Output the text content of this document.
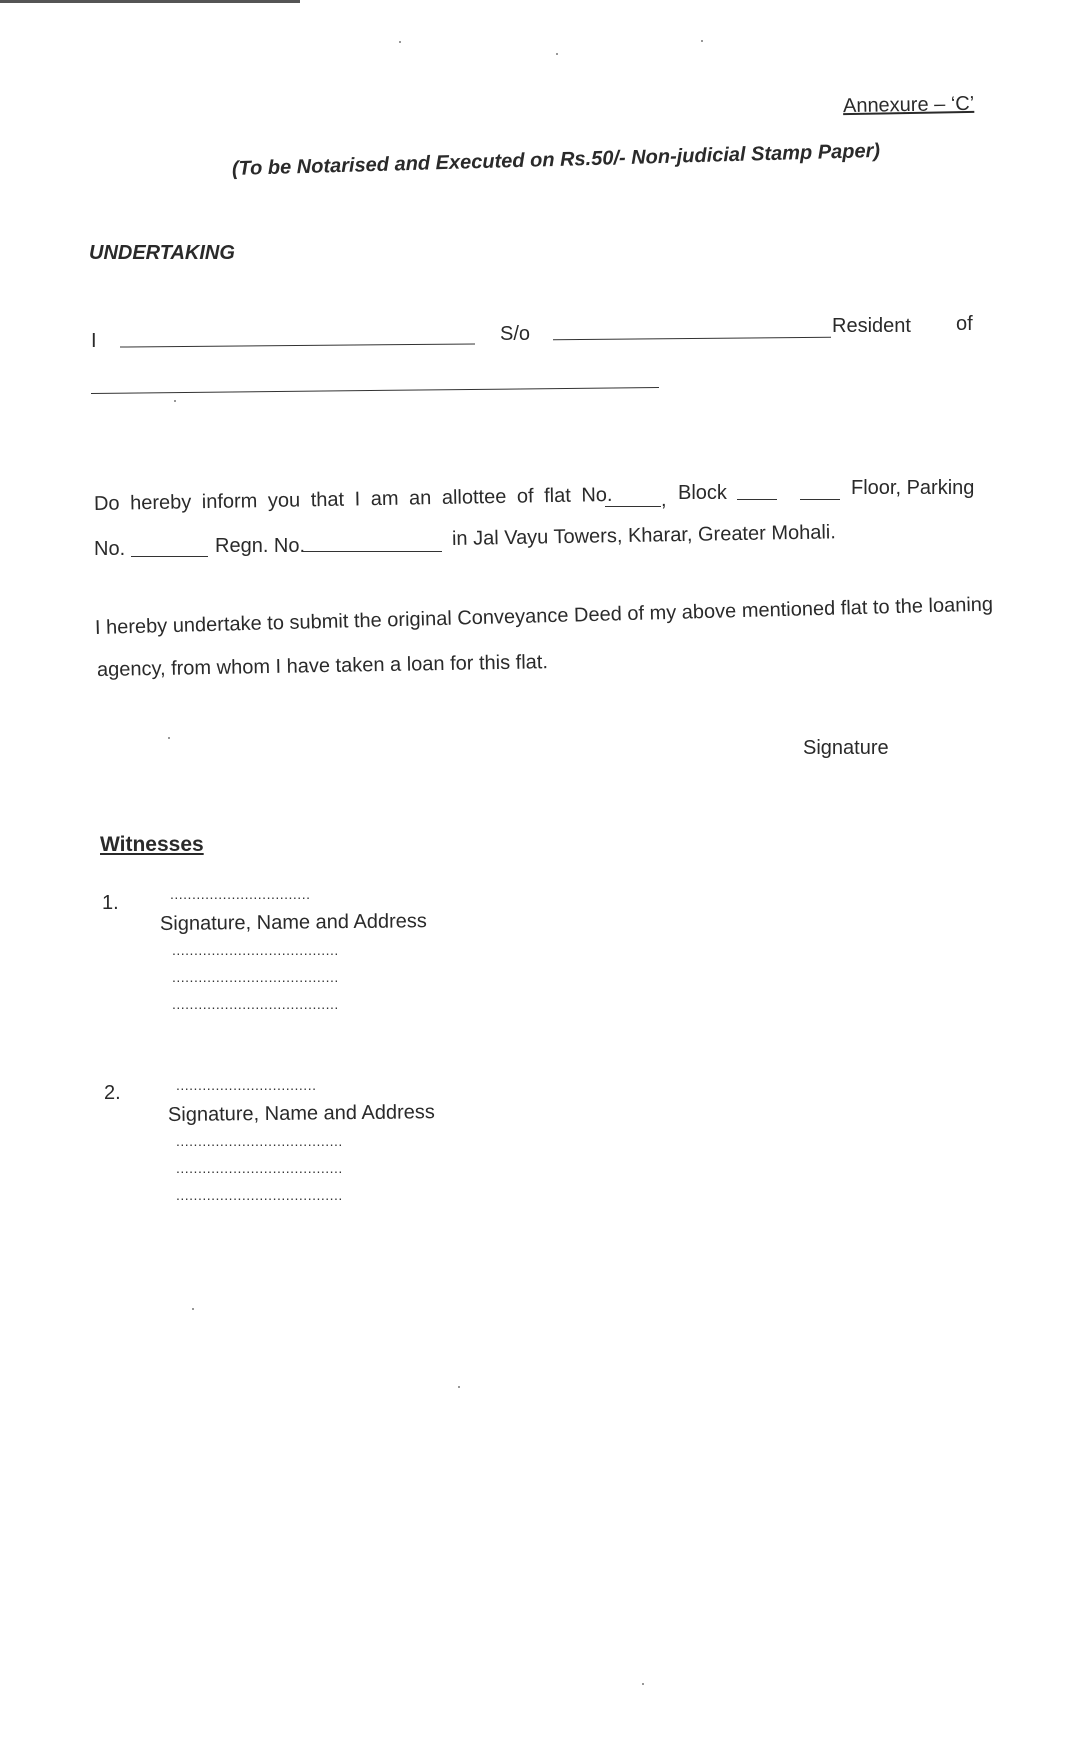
Annexure – ‘C’
(To be Notarised and Executed on Rs.50/- Non-judicial Stamp Paper)
UNDERTAKING
I	S/o	Resident of
Do hereby inform you that I am an allottee of flat No. , Block	Floor, Parking
No.	Regn. No.	in Jal Vayu Towers, Kharar, Greater Mohali.
I hereby undertake to submit the original Conveyance Deed of my above mentioned flat to the loaning
agency, from whom I have taken a loan for this flat.
Signature
Witnesses
1.	................................
Signature, Name and Address
......................................
......................................
......................................
2.	................................
Signature, Name and Address
......................................
......................................
......................................
